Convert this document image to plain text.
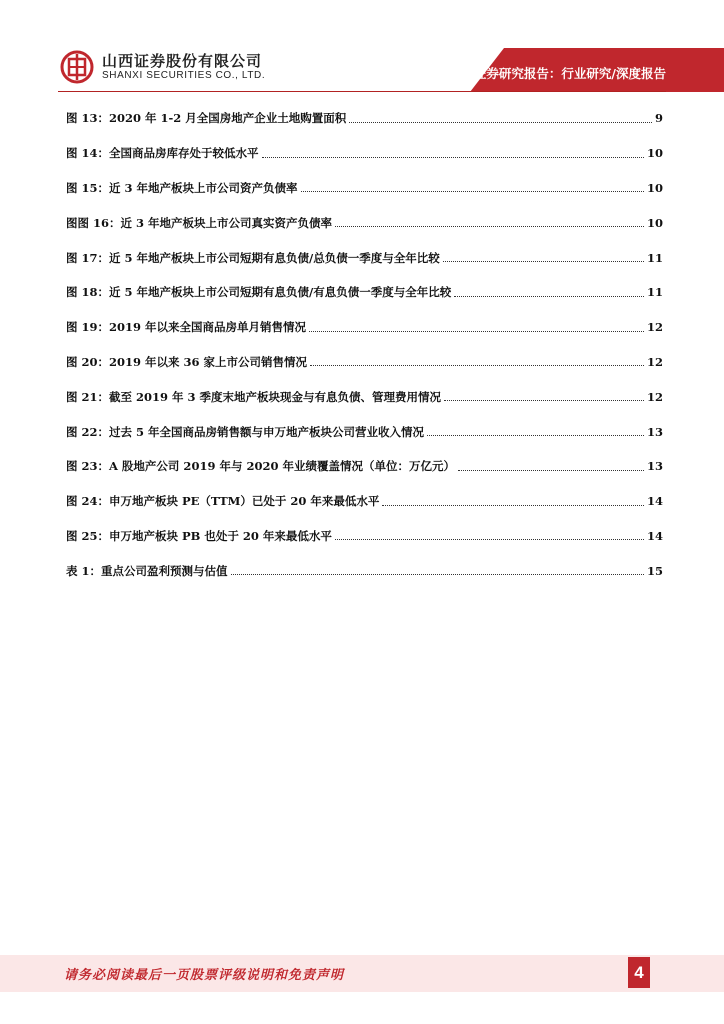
山西证券股份有限公司
SHANXI SECURITIES CO., LTD.	证券研究报告：行业研究/深度报告
图 13：2020 年 1-2 月全国房地产企业土地购置面积	9
图 14：全国商品房库存处于较低水平	10
图 15：近 3 年地产板块上市公司资产负债率	10
图图 16：近 3 年地产板块上市公司真实资产负债率	10
图 17：近 5 年地产板块上市公司短期有息负债/总负债一季度与全年比较	11
图 18：近 5 年地产板块上市公司短期有息负债/有息负债一季度与全年比较	11
图 19：2019 年以来全国商品房单月销售情况	12
图 20：2019 年以来 36 家上市公司销售情况	12
图 21：截至 2019 年 3 季度末地产板块现金与有息负债、管理费用情况	12
图 22：过去 5 年全国商品房销售额与申万地产板块公司营业收入情况	13
图 23：A 股地产公司 2019 年与 2020 年业绩覆盖情况（单位：万亿元）	13
图 24：申万地产板块 PE（TTM）已处于 20 年来最低水平	14
图 25：申万地产板块 PB 也处于 20 年来最低水平	14
表 1：重点公司盈利预测与估值	15
请务必阅读最后一页股票评级说明和免责声明	4
